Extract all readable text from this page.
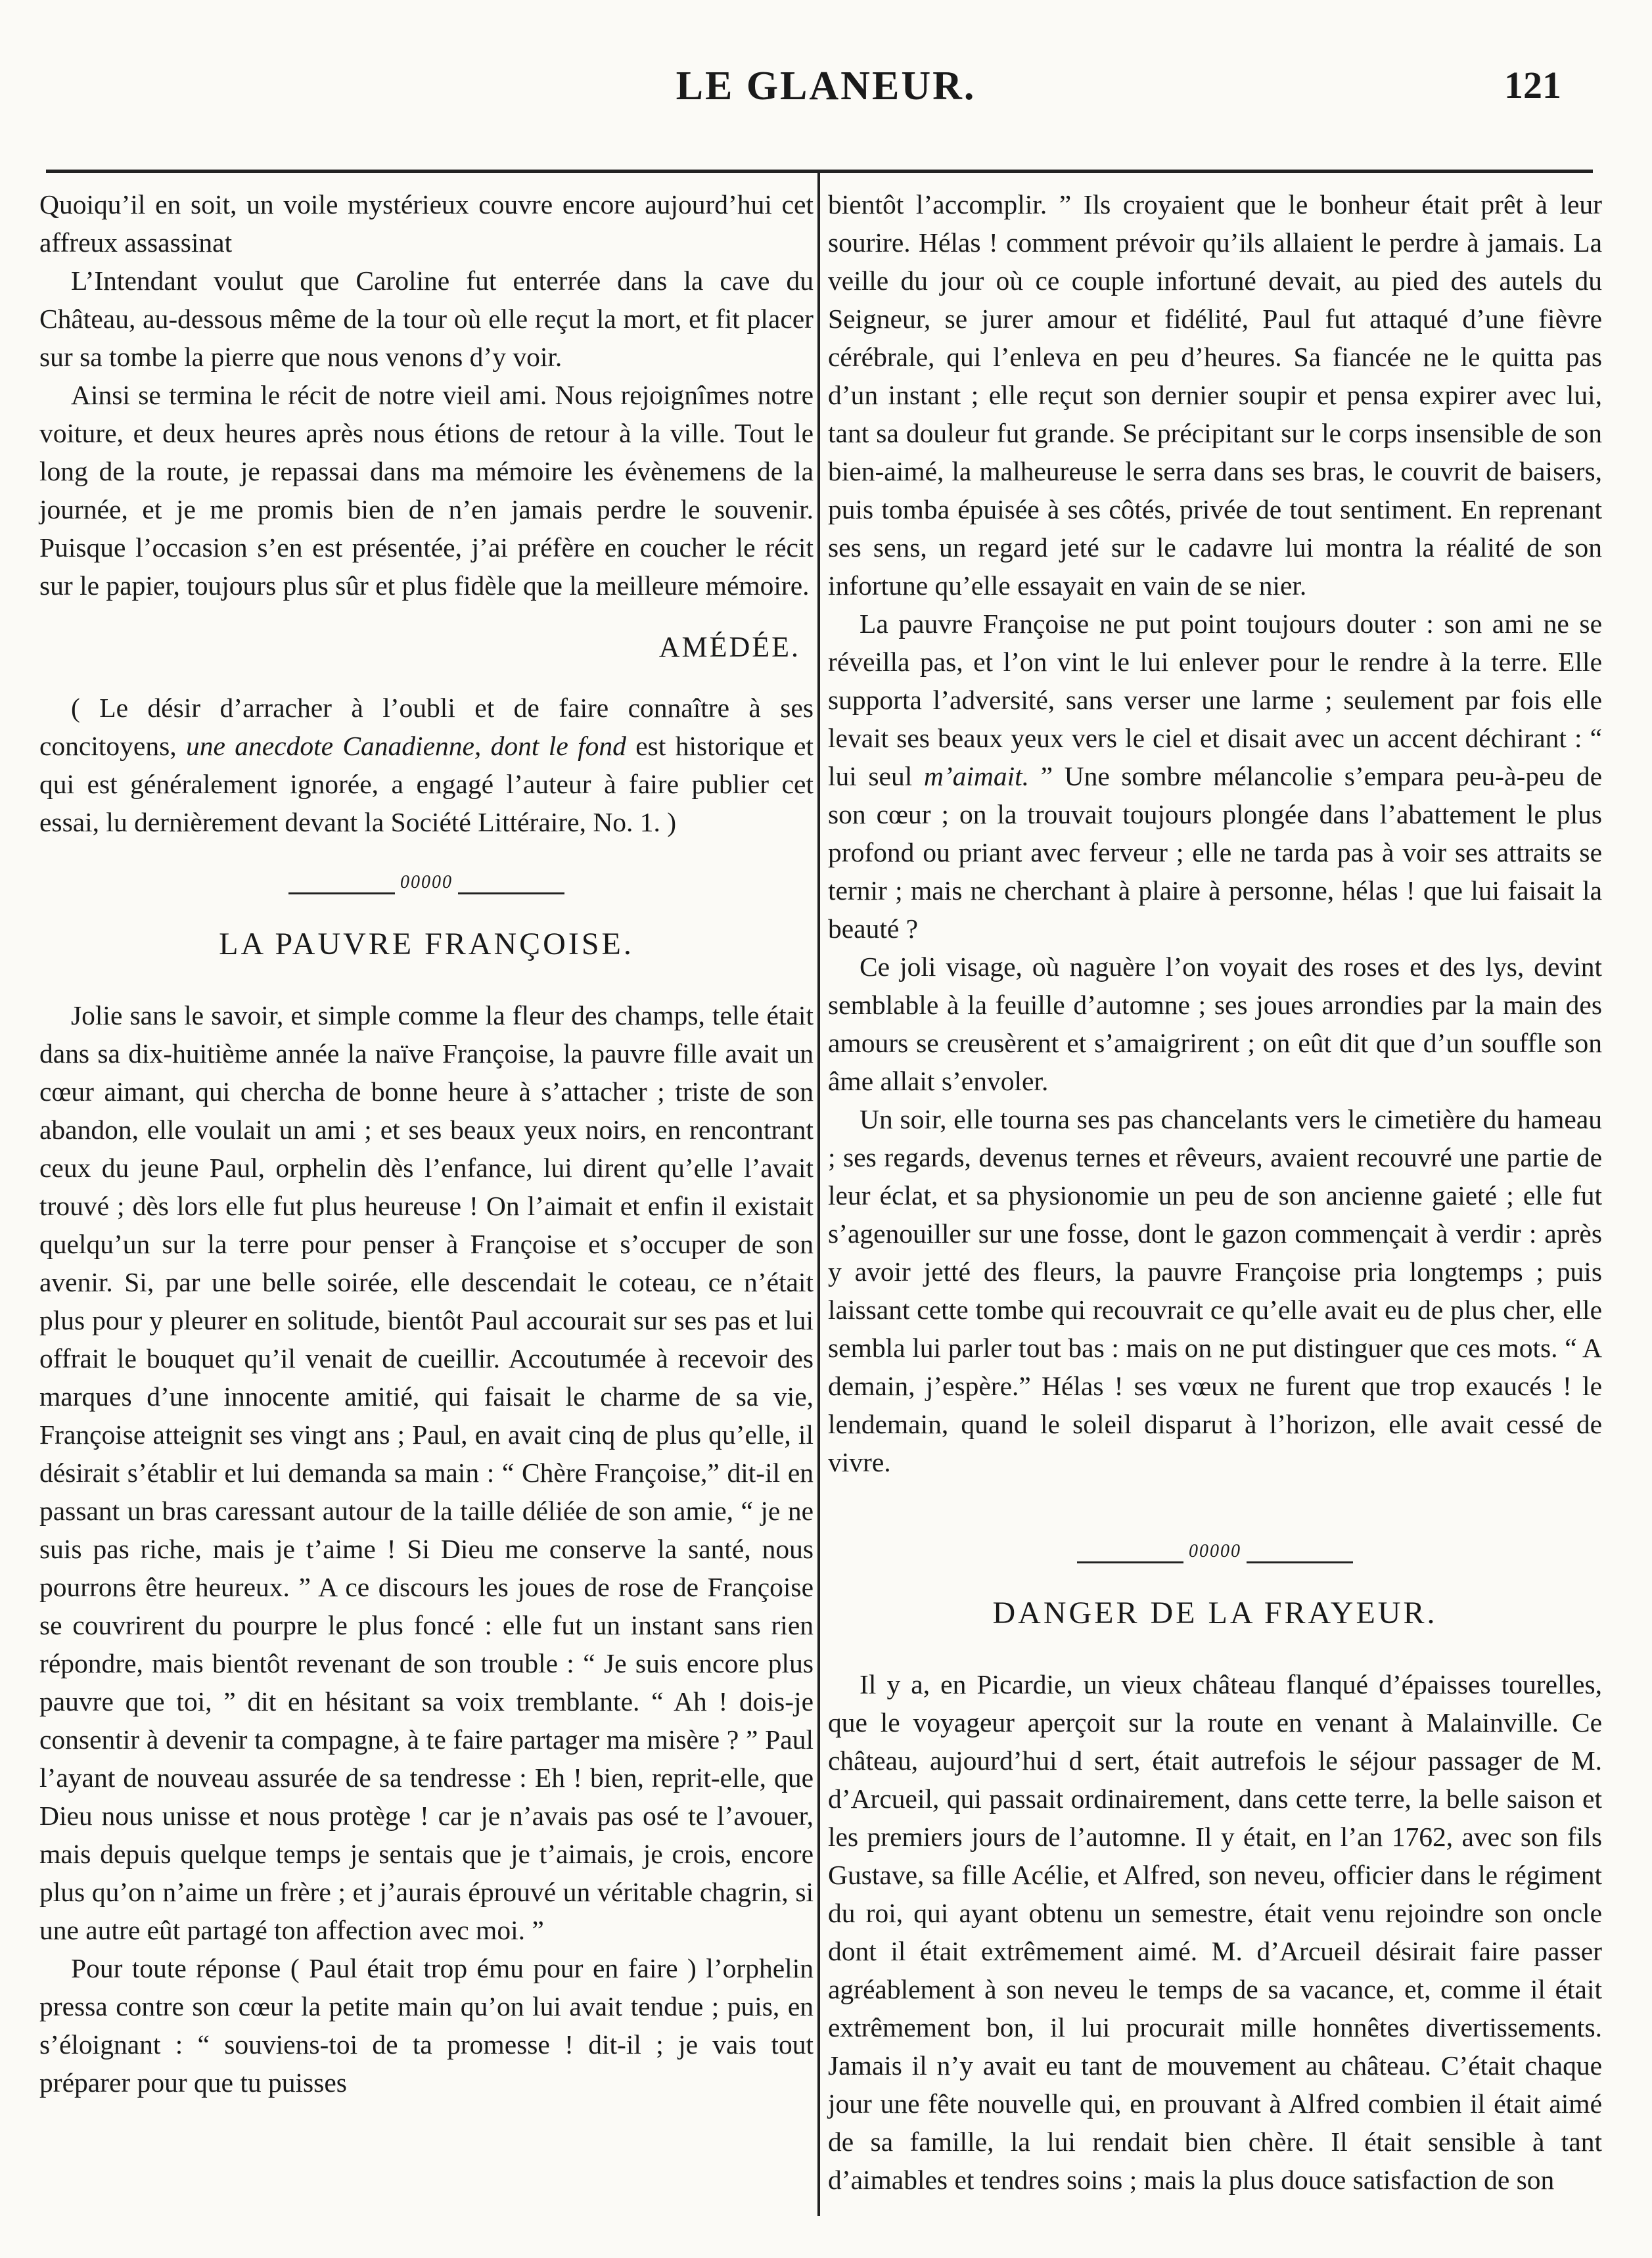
LE GLANEUR.	121

Quoiqu’il en soit, un voile mystérieux couvre encore aujourd’hui cet affreux assassinat

L’Intendant voulut que Caroline fut enterrée dans la cave du Château, au-dessous même de la tour où elle reçut la mort, et fit placer sur sa tombe la pierre que nous venons d’y voir.

Ainsi se termina le récit de notre vieil ami. Nous rejoignîmes notre voiture, et deux heures après nous étions de retour à la ville. Tout le long de la route, je repassai dans ma mémoire les évènemens de la journée, et je me promis bien de n’en jamais perdre le souvenir. Puisque l’occasion s’en est présentée, j’ai préfère en coucher le récit sur le papier, toujours plus sûr et plus fidèle que la meilleure mémoire.

AMÉDÉE.

( Le désir d’arracher à l’oubli et de faire connaître à ses concitoyens, une anecdote Canadienne, dont le fond est historique et qui est généralement ignorée, a engagé l’auteur à faire publier cet essai, lu dernièrement devant la Société Littéraire, No. 1. )

00000
LA PAUVRE FRANÇOISE.

Jolie sans le savoir, et simple comme la fleur des champs, telle était dans sa dix-huitième année la naïve Françoise, la pauvre fille avait un cœur aimant, qui chercha de bonne heure à s’attacher ; triste de son abandon, elle voulait un ami ; et ses beaux yeux noirs, en rencontrant ceux du jeune Paul, orphelin dès l’enfance, lui dirent qu’elle l’avait trouvé ; dès lors elle fut plus heureuse ! On l’aimait et enfin il existait quelqu’un sur la terre pour penser à Françoise et s’occuper de son avenir. Si, par une belle soirée, elle descendait le coteau, ce n’était plus pour y pleurer en solitude, bientôt Paul accourait sur ses pas et lui offrait le bouquet qu’il venait de cueillir. Accoutumée à recevoir des marques d’une innocente amitié, qui faisait le charme de sa vie, Françoise atteignit ses vingt ans ; Paul, en avait cinq de plus qu’elle, il désirait s’établir et lui demanda sa main : “ Chère Françoise,” dit-il en passant un bras caressant autour de la taille déliée de son amie, “ je ne suis pas riche, mais je t’aime ! Si Dieu me conserve la santé, nous pourrons être heureux. ” A ce discours les joues de rose de Françoise se couvrirent du pourpre le plus foncé : elle fut un instant sans rien répondre, mais bientôt revenant de son trouble : “ Je suis encore plus pauvre que toi, ” dit en hésitant sa voix tremblante. “ Ah ! dois-je consentir à devenir ta compagne, à te faire partager ma misère ? ” Paul l’ayant de nouveau assurée de sa tendresse : Eh ! bien, reprit-elle, que Dieu nous unisse et nous protège ! car je n’avais pas osé te l’avouer, mais depuis quelque temps je sentais que je t’aimais, je crois, encore plus qu’on n’aime un frère ; et j’aurais éprouvé un véritable chagrin, si une autre eût partagé ton affection avec moi. ”

Pour toute réponse ( Paul était trop ému pour en faire ) l’orphelin pressa contre son cœur la petite main qu’on lui avait tendue ; puis, en s’éloignant : “ souviens-toi de ta promesse ! dit-il ; je vais tout préparer pour que tu puisses

bientôt l’accomplir. ” Ils croyaient que le bonheur était prêt à leur sourire. Hélas ! comment prévoir qu’ils allaient le perdre à jamais. La veille du jour où ce couple infortuné devait, au pied des autels du Seigneur, se jurer amour et fidélité, Paul fut attaqué d’une fièvre cérébrale, qui l’enleva en peu d’heures. Sa fiancée ne le quitta pas d’un instant ; elle reçut son dernier soupir et pensa expirer avec lui, tant sa douleur fut grande. Se précipitant sur le corps insensible de son bien-aimé, la malheureuse le serra dans ses bras, le couvrit de baisers, puis tomba épuisée à ses côtés, privée de tout sentiment. En reprenant ses sens, un regard jeté sur le cadavre lui montra la réalité de son infortune qu’elle essayait en vain de se nier.

La pauvre Françoise ne put point toujours douter : son ami ne se réveilla pas, et l’on vint le lui enlever pour le rendre à la terre. Elle supporta l’adversité, sans verser une larme ; seulement par fois elle levait ses beaux yeux vers le ciel et disait avec un accent déchirant : “ lui seul m’aimait. ” Une sombre mélancolie s’empara peu-à-peu de son cœur ; on la trouvait toujours plongée dans l’abattement le plus profond ou priant avec ferveur ; elle ne tarda pas à voir ses attraits se ternir ; mais ne cherchant à plaire à personne, hélas ! que lui faisait la beauté ?

Ce joli visage, où naguère l’on voyait des roses et des lys, devint semblable à la feuille d’automne ; ses joues arrondies par la main des amours se creusèrent et s’amaigrirent ; on eût dit que d’un souffle son âme allait s’envoler.

Un soir, elle tourna ses pas chancelants vers le cimetière du hameau ; ses regards, devenus ternes et rêveurs, avaient recouvré une partie de leur éclat, et sa physionomie un peu de son ancienne gaieté ; elle fut s’agenouiller sur une fosse, dont le gazon commençait à verdir : après y avoir jetté des fleurs, la pauvre Françoise pria longtemps ; puis laissant cette tombe qui recouvrait ce qu’elle avait eu de plus cher, elle sembla lui parler tout bas : mais on ne put distinguer que ces mots. “ A demain, j’espère.” Hélas ! ses vœux ne furent que trop exaucés ! le lendemain, quand le soleil disparut à l’horizon, elle avait cessé de vivre.

00000
DANGER DE LA FRAYEUR.

Il y a, en Picardie, un vieux château flanqué d’épaisses tourelles, que le voyageur aperçoit sur la route en venant à Malainville. Ce château, aujourd’hui d sert, était autrefois le séjour passager de M. d’Arcueil, qui passait ordinairement, dans cette terre, la belle saison et les premiers jours de l’automne. Il y était, en l’an 1762, avec son fils Gustave, sa fille Acélie, et Alfred, son neveu, officier dans le régiment du roi, qui ayant obtenu un semestre, était venu rejoindre son oncle dont il était extrêmement aimé. M. d’Arcueil désirait faire passer agréablement à son neveu le temps de sa vacance, et, comme il était extrêmement bon, il lui procurait mille honnêtes divertissements. Jamais il n’y avait eu tant de mouvement au château. C’était chaque jour une fête nouvelle qui, en prouvant à Alfred combien il était aimé de sa famille, la lui rendait bien chère. Il était sensible à tant d’aimables et tendres soins ; mais la plus douce satisfaction de son
